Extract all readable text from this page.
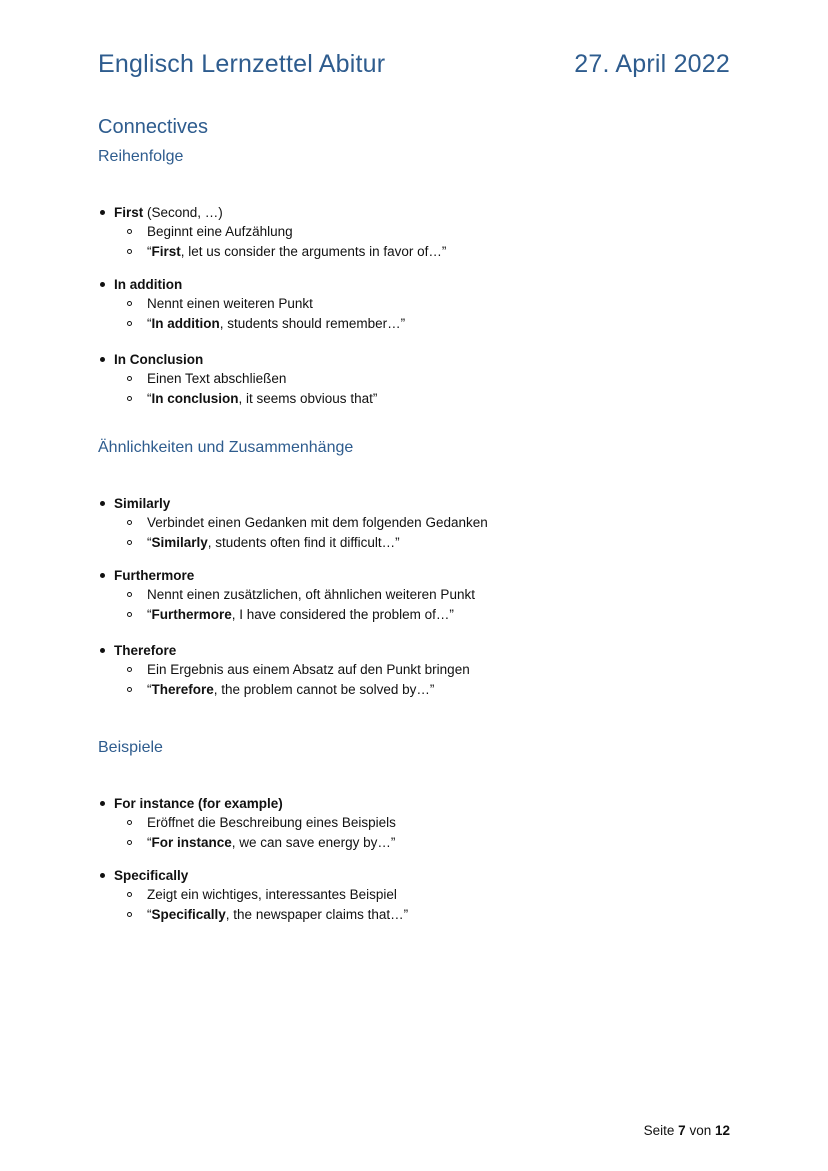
Englisch Lernzettel Abitur	27. April 2022
Connectives
Reihenfolge
First (Second, …)
Beginnt eine Aufzählung
“First, let us consider the arguments in favor of…”
In addition
Nennt einen weiteren Punkt
“In addition, students should remember…”
In Conclusion
Einen Text abschließen
“In conclusion, it seems obvious that”
Ähnlichkeiten und Zusammenhänge
Similarly
Verbindet einen Gedanken mit dem folgenden Gedanken
“Similarly, students often find it difficult…”
Furthermore
Nennt einen zusätzlichen, oft ähnlichen weiteren Punkt
“Furthermore, I have considered the problem of…”
Therefore
Ein Ergebnis aus einem Absatz auf den Punkt bringen
“Therefore, the problem cannot be solved by…”
Beispiele
For instance (for example)
Eröffnet die Beschreibung eines Beispiels
“For instance, we can save energy by…”
Specifically
Zeigt ein wichtiges, interessantes Beispiel
“Specifically, the newspaper claims that…”
Seite 7 von 12
